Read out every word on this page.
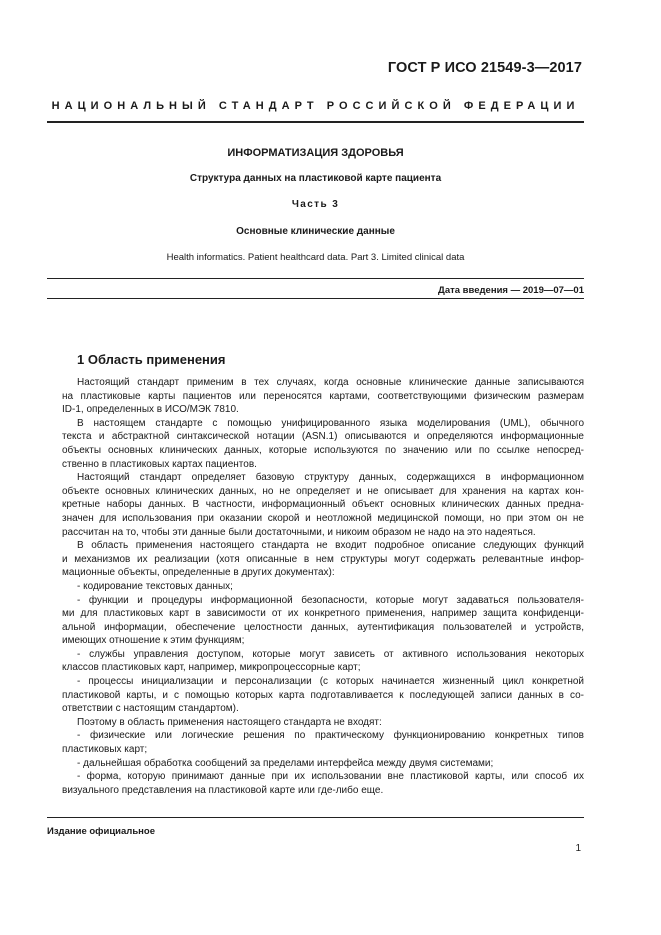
ГОСТ Р ИСО 21549-3—2017
НАЦИОНАЛЬНЫЙ СТАНДАРТ РОССИЙСКОЙ ФЕДЕРАЦИИ
ИНФОРМАТИЗАЦИЯ ЗДОРОВЬЯ
Структура данных на пластиковой карте пациента
Часть 3
Основные клинические данные
Health informatics. Patient healthcard data. Part 3. Limited clinical data
Дата введения — 2019—07—01
1 Область применения
Настоящий стандарт применим в тех случаях, когда основные клинические данные записываются
на пластиковые карты пациентов или переносятся картами, соответствующими физическим размерам
ID-1, определенных в ИСО/МЭК 7810.
В настоящем стандарте с помощью унифицированного языка моделирования (UML), обычного
текста и абстрактной синтаксической нотации (ASN.1) описываются и определяются информационные
объекты основных клинических данных, которые используются по значению или по ссылке непосред-
ственно в пластиковых картах пациентов.
Настоящий стандарт определяет базовую структуру данных, содержащихся в информационном
объекте основных клинических данных, но не определяет и не описывает для хранения на картах кон-
кретные наборы данных. В частности, информационный объект основных клинических данных предна-
значен для использования при оказании скорой и неотложной медицинской помощи, но при этом он не
рассчитан на то, чтобы эти данные были достаточными, и никоим образом не надо на это надеяться.
В область применения настоящего стандарта не входит подробное описание следующих функций
и механизмов их реализации (хотя описанные в нем структуры могут содержать релевантные инфор-
мационные объекты, определенные в других документах):
- кодирование текстовых данных;
- функции и процедуры информационной безопасности, которые могут задаваться пользователя-
ми для пластиковых карт в зависимости от их конкретного применения, например защита конфиденци-
альной информации, обеспечение целостности данных, аутентификация пользователей и устройств,
имеющих отношение к этим функциям;
- службы управления доступом, которые могут зависеть от активного использования некоторых
классов пластиковых карт, например, микропроцессорные карт;
- процессы инициализации и персонализации (с которых начинается жизненный цикл конкретной
пластиковой карты, и с помощью которых карта подготавливается к последующей записи данных в со-
ответствии с настоящим стандартом).
Поэтому в область применения настоящего стандарта не входят:
- физические или логические решения по практическому функционированию конкретных типов
пластиковых карт;
- дальнейшая обработка сообщений за пределами интерфейса между двумя системами;
- форма, которую принимают данные при их использовании вне пластиковой карты, или способ их
визуального представления на пластиковой карте или где-либо еще.
Издание официальное
1
